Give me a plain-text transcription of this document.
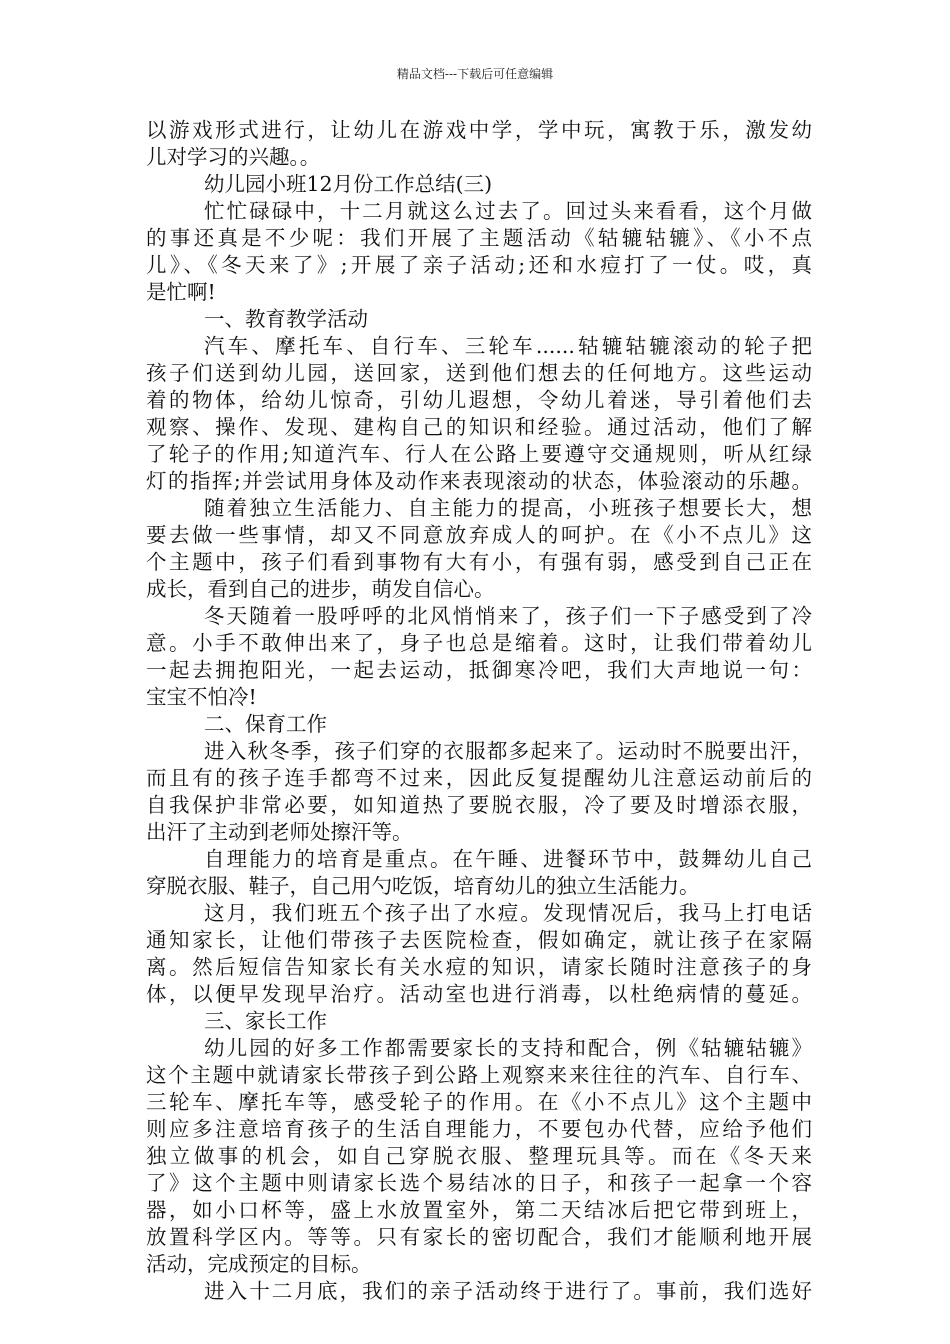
精品文档---下载后可任意编辑
以游戏形式进行，让幼儿在游戏中学，学中玩，寓教于乐，激发幼
儿对学习的兴趣。。
幼儿园小班12月份工作总结(三)
忙忙碌碌中，十二月就这么过去了。回过头来看看，这个月做
的事还真是不少呢：我们开展了主题活动《轱辘轱辘》、《小不点
儿》、《冬天来了》;开展了亲子活动;还和水痘打了一仗。哎，真
是忙啊!
一、教育教学活动
汽车、摩托车、自行车、三轮车......轱辘轱辘滚动的轮子把
孩子们送到幼儿园，送回家，送到他们想去的任何地方。这些运动
着的物体，给幼儿惊奇，引幼儿遐想，令幼儿着迷，导引着他们去
观察、操作、发现、建构自己的知识和经验。通过活动，他们了解
了轮子的作用;知道汽车、行人在公路上要遵守交通规则，听从红绿
灯的指挥;并尝试用身体及动作来表现滚动的状态，体验滚动的乐趣。
随着独立生活能力、自主能力的提高，小班孩子想要长大，想
要去做一些事情，却又不同意放弃成人的呵护。在《小不点儿》这
个主题中，孩子们看到事物有大有小，有强有弱，感受到自己正在
成长，看到自己的进步，萌发自信心。
冬天随着一股呼呼的北风悄悄来了，孩子们一下子感受到了冷
意。小手不敢伸出来了，身子也总是缩着。这时，让我们带着幼儿
一起去拥抱阳光，一起去运动，抵御寒冷吧，我们大声地说一句：
宝宝不怕冷!
二、保育工作
进入秋冬季，孩子们穿的衣服都多起来了。运动时不脱要出汗，
而且有的孩子连手都弯不过来，因此反复提醒幼儿注意运动前后的
自我保护非常必要，如知道热了要脱衣服，冷了要及时增添衣服，
出汗了主动到老师处擦汗等。
自理能力的培育是重点。在午睡、进餐环节中，鼓舞幼儿自己
穿脱衣服、鞋子，自己用勺吃饭，培育幼儿的独立生活能力。
这月，我们班五个孩子出了水痘。发现情况后，我马上打电话
通知家长，让他们带孩子去医院检查，假如确定，就让孩子在家隔
离。然后短信告知家长有关水痘的知识，请家长随时注意孩子的身
体，以便早发现早治疗。活动室也进行消毒，以杜绝病情的蔓延。
三、家长工作
幼儿园的好多工作都需要家长的支持和配合，例《轱辘轱辘》
这个主题中就请家长带孩子到公路上观察来来往往的汽车、自行车、
三轮车、摩托车等，感受轮子的作用。在《小不点儿》这个主题中
则应多注意培育孩子的生活自理能力，不要包办代替，应给予他们
独立做事的机会，如自己穿脱衣服、整理玩具等。而在《冬天来
了》这个主题中则请家长选个易结冰的日子，和孩子一起拿一个容
器，如小口杯等，盛上水放置室外，第二天结冰后把它带到班上，
放置科学区内。等等。只有家长的密切配合，我们才能顺利地开展
活动，完成预定的目标。
进入十二月底，我们的亲子活动终于进行了。事前，我们选好
